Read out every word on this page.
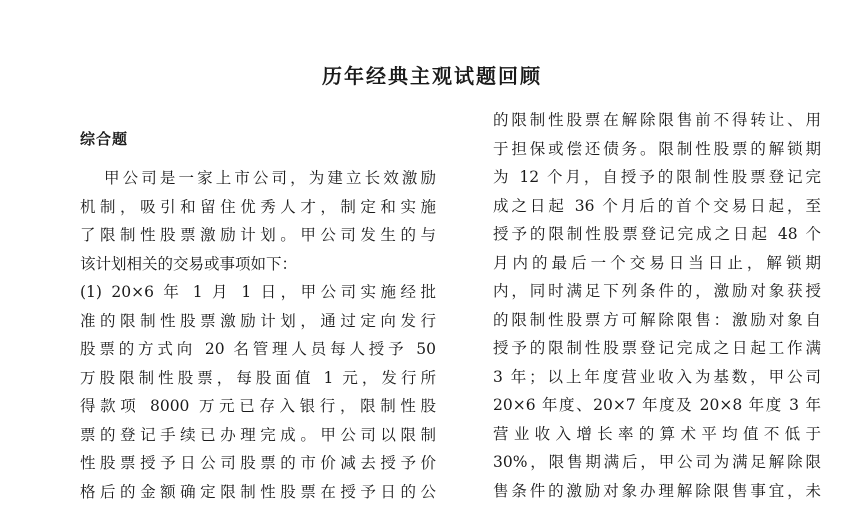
历年经典主观试题回顾
综合题
甲公司是一家上市公司，为建立长效激励
机制，吸引和留住优秀人才，制定和实施
了限制性股票激励计划。甲公司发生的与
该计划相关的交易或事项如下：
(1) 20×6 年 1 月 1 日，甲公司实施经批
准的限制性股票激励计划，通过定向发行
股票的方式向 20 名管理人员每人授予 50
万股限制性股票，每股面值 1 元，发行所
得款项 8000 万元已存入银行，限制性股
票的登记手续已办理完成。甲公司以限制
性股票授予日公司股票的市价减去授予价
格后的金额确定限制性股票在授予日的公
的限制性股票在解除限售前不得转让、用
于担保或偿还债务。限制性股票的解锁期
为 12 个月，自授予的限制性股票登记完
成之日起 36 个月后的首个交易日起，至
授予的限制性股票登记完成之日起 48 个
月内的最后一个交易日当日止，解锁期
内，同时满足下列条件的，激励对象获授
的限制性股票方可解除限售：激励对象自
授予的限制性股票登记完成之日起工作满
3 年；以上年度营业收入为基数，甲公司
20×6 年度、20×7 年度及 20×8 年度 3 年
营业收入增长率的算术平均值不低于
30%，限售期满后，甲公司为满足解除限
售条件的激励对象办理解除限售事宜，未
